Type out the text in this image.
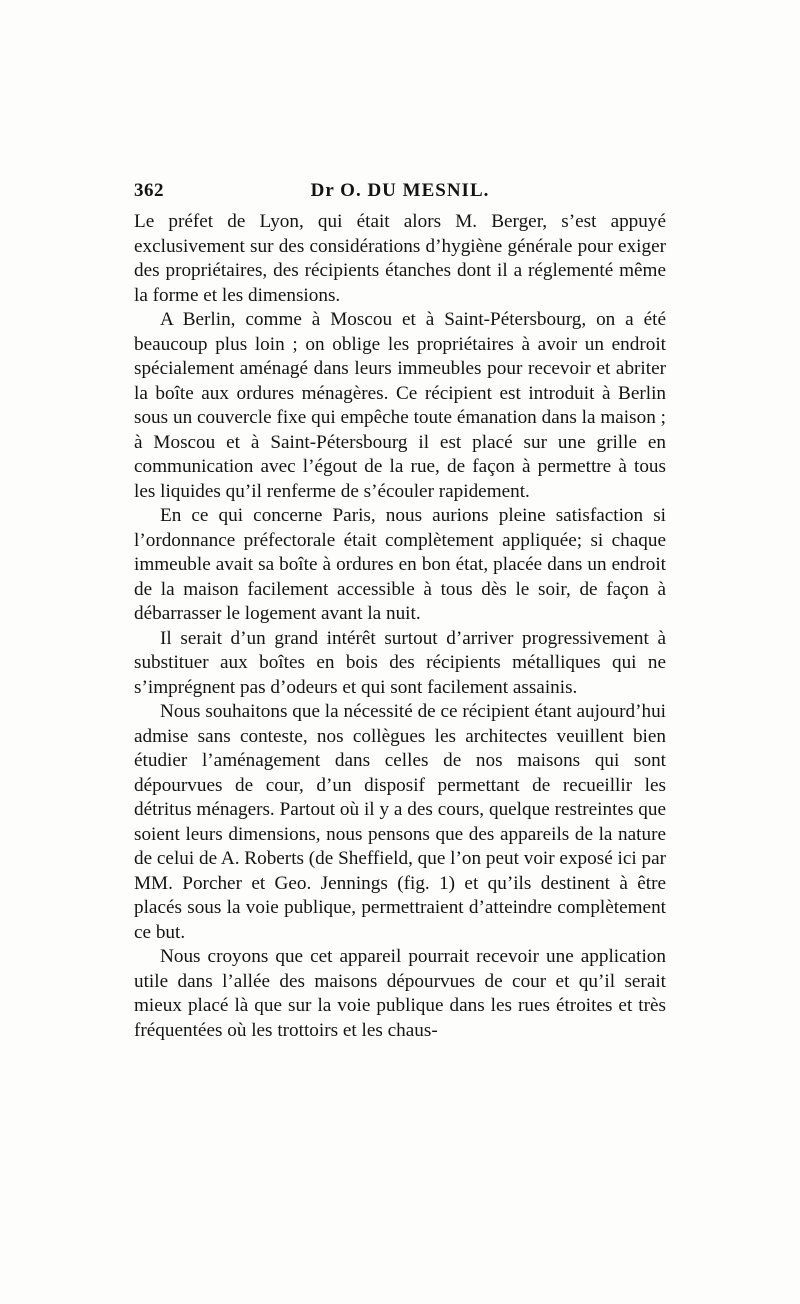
362	Dr O. DU MESNIL.

Le préfet de Lyon, qui était alors M. Berger, s’est appuyé exclusivement sur des considérations d’hygiène générale pour exiger des propriétaires, des récipients étanches dont il a réglementé même la forme et les dimensions.

A Berlin, comme à Moscou et à Saint-Pétersbourg, on a été beaucoup plus loin ; on oblige les propriétaires à avoir un endroit spécialement aménagé dans leurs immeubles pour recevoir et abriter la boîte aux ordures ménagères. Ce récipient est introduit à Berlin sous un couvercle fixe qui empêche toute émanation dans la maison ; à Moscou et à Saint-Pétersbourg il est placé sur une grille en communication avec l’égout de la rue, de façon à permettre à tous les liquides qu’il renferme de s’écouler rapidement.

En ce qui concerne Paris, nous aurions pleine satisfaction si l’ordonnance préfectorale était complètement appliquée; si chaque immeuble avait sa boîte à ordures en bon état, placée dans un endroit de la maison facilement accessible à tous dès le soir, de façon à débarrasser le logement avant la nuit.

Il serait d’un grand intérêt surtout d’arriver progressivement à substituer aux boîtes en bois des récipients métalliques qui ne s’imprégnent pas d’odeurs et qui sont facilement assainis.

Nous souhaitons que la nécessité de ce récipient étant aujourd’hui admise sans conteste, nos collègues les architectes veuillent bien étudier l’aménagement dans celles de nos maisons qui sont dépourvues de cour, d’un disposif permettant de recueillir les détritus ménagers. Partout où il y a des cours, quelque restreintes que soient leurs dimensions, nous pensons que des appareils de la nature de celui de A. Roberts (de Sheffield, que l’on peut voir exposé ici par MM. Porcher et Geo. Jennings (fig. 1) et qu’ils destinent à être placés sous la voie publique, permettraient d’atteindre complètement ce but.

Nous croyons que cet appareil pourrait recevoir une application utile dans l’allée des maisons dépourvues de cour et qu’il serait mieux placé là que sur la voie publique dans les rues étroites et très fréquentées où les trottoirs et les chaus-
